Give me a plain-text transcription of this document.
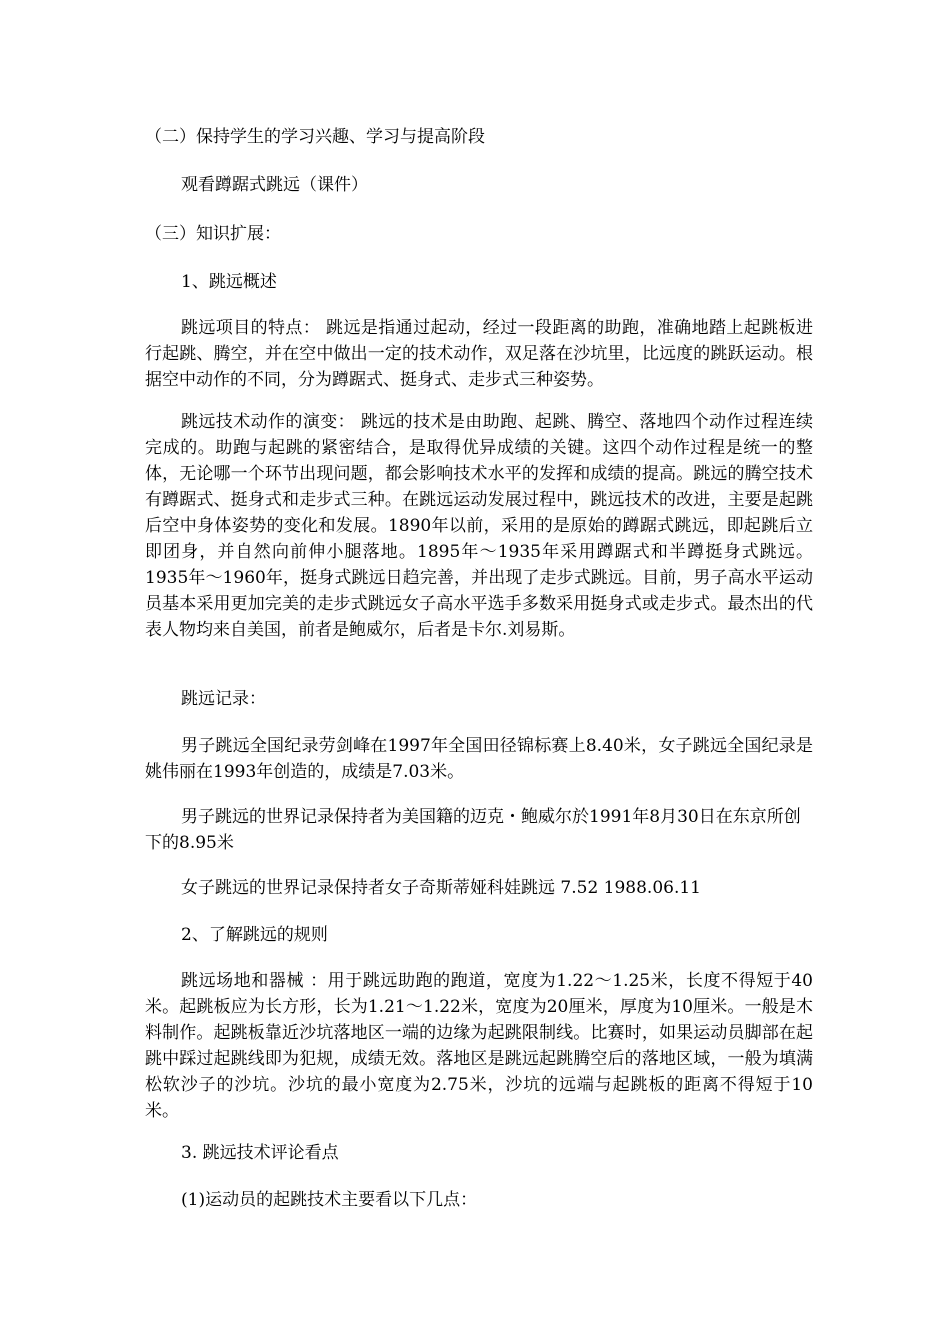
（二）保持学生的学习兴趣、学习与提高阶段

观看蹲踞式跳远（课件）

（三）知识扩展：

1、跳远概述

跳远项目的特点： 跳远是指通过起动，经过一段距离的助跑，准确地踏上起跳板进行起跳、腾空，并在空中做出一定的技术动作，双足落在沙坑里，比远度的跳跃运动。根据空中动作的不同，分为蹲踞式、挺身式、走步式三种姿势。

跳远技术动作的演变： 跳远的技术是由助跑、起跳、腾空、落地四个动作过程连续完成的。助跑与起跳的紧密结合，是取得优异成绩的关键。这四个动作过程是统一的整体，无论哪一个环节出现问题，都会影响技术水平的发挥和成绩的提高。跳远的腾空技术有蹲踞式、挺身式和走步式三种。在跳远运动发展过程中，跳远技术的改进，主要是起跳后空中身体姿势的变化和发展。1890年以前，采用的是原始的蹲踞式跳远，即起跳后立即团身，并自然向前伸小腿落地。1895年～1935年采用蹲踞式和半蹲挺身式跳远。1935年～1960年，挺身式跳远日趋完善，并出现了走步式跳远。目前，男子高水平运动员基本采用更加完美的走步式跳远女子高水平选手多数采用挺身式或走步式。最杰出的代表人物均来自美国，前者是鲍威尔，后者是卡尔.刘易斯。

跳远记录：

男子跳远全国纪录劳剑峰在1997年全国田径锦标赛上8.40米，女子跳远全国纪录是姚伟丽在1993年创造的，成绩是7.03米。

男子跳远的世界记录保持者为美国籍的迈克・鲍威尔於1991年8月30日在东京所创下的8.95米

女子跳远的世界记录保持者女子奇斯蒂娅科娃跳远 7.52 1988.06.11

2、了解跳远的规则

跳远场地和器械 ：用于跳远助跑的跑道，宽度为1.22～1.25米，长度不得短于40米。起跳板应为长方形，长为1.21～1.22米，宽度为20厘米，厚度为10厘米。一般是木料制作。起跳板靠近沙坑落地区一端的边缘为起跳限制线。比赛时，如果运动员脚部在起跳中踩过起跳线即为犯规，成绩无效。落地区是跳远起跳腾空后的落地区域，一般为填满松软沙子的沙坑。沙坑的最小宽度为2.75米，沙坑的远端与起跳板的距离不得短于10米。

3. 跳远技术评论看点

(1)运动员的起跳技术主要看以下几点：
